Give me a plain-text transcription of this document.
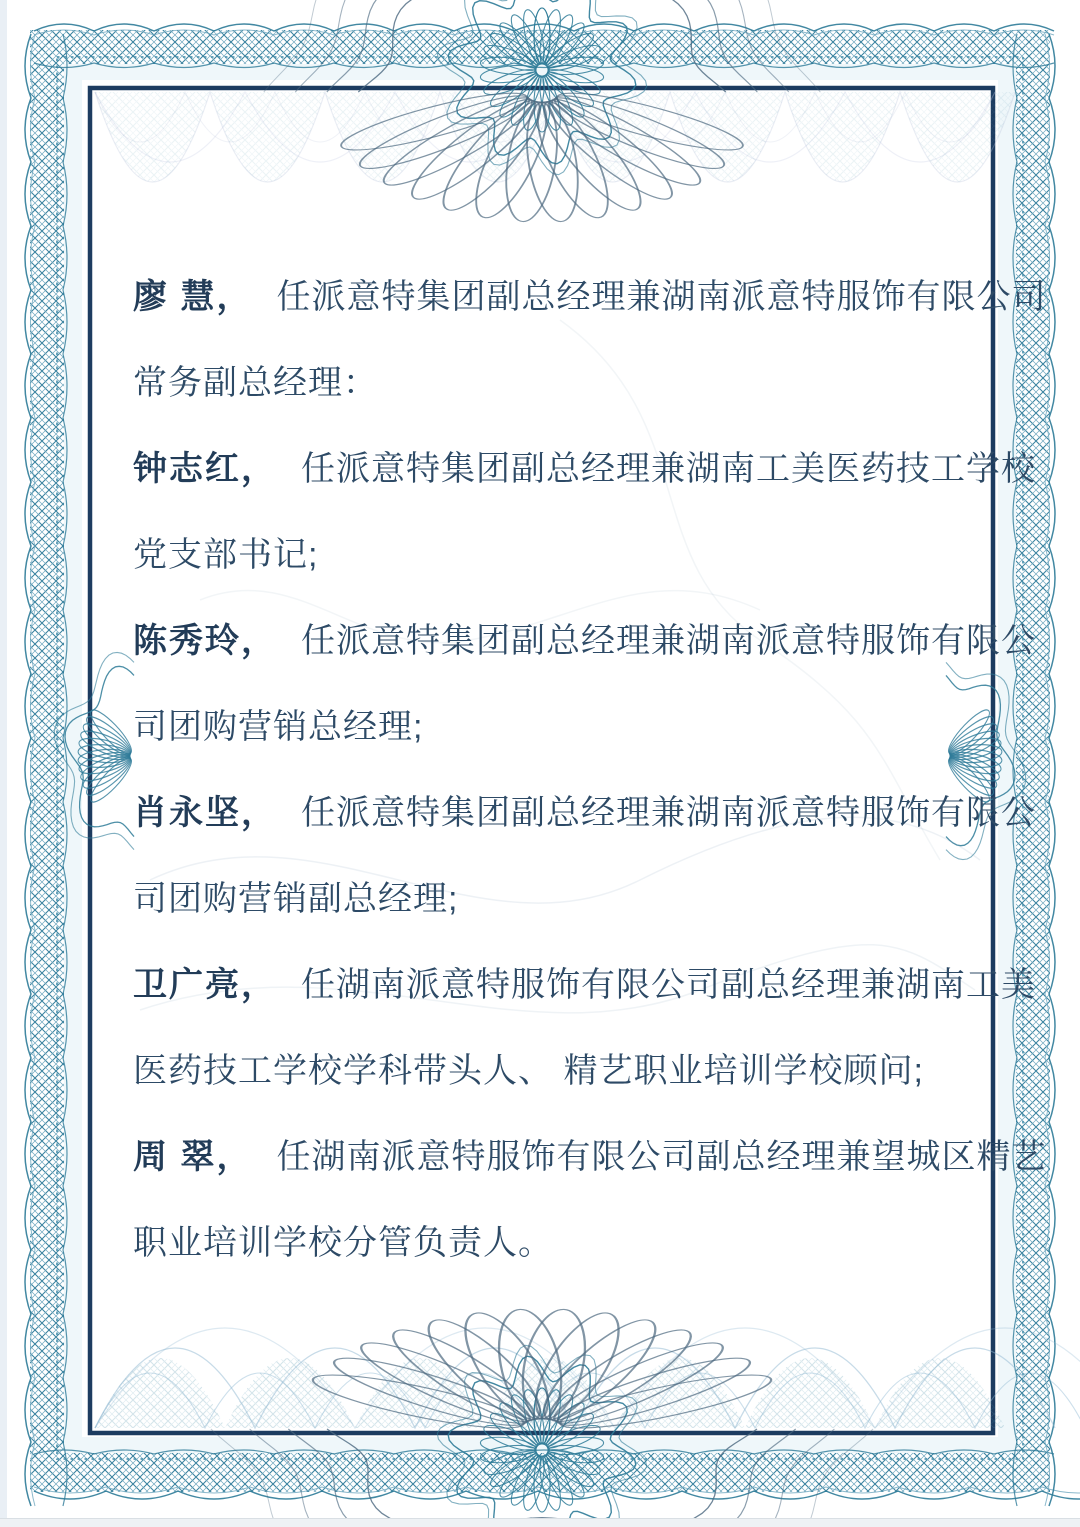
廖 慧， 任派意特集团副总经理兼湖南派意特服饰有限公司
常务副总经理：
钟志红， 任派意特集团副总经理兼湖南工美医药技工学校
党支部书记;
陈秀玲， 任派意特集团副总经理兼湖南派意特服饰有限公
司团购营销总经理;
肖永坚， 任派意特集团副总经理兼湖南派意特服饰有限公
司团购营销副总经理;
卫广亮， 任湖南派意特服饰有限公司副总经理兼湖南工美
医药技工学校学科带头人、 精艺职业培训学校顾问;
周 翠， 任湖南派意特服饰有限公司副总经理兼望城区精艺
职业培训学校分管负责人。
